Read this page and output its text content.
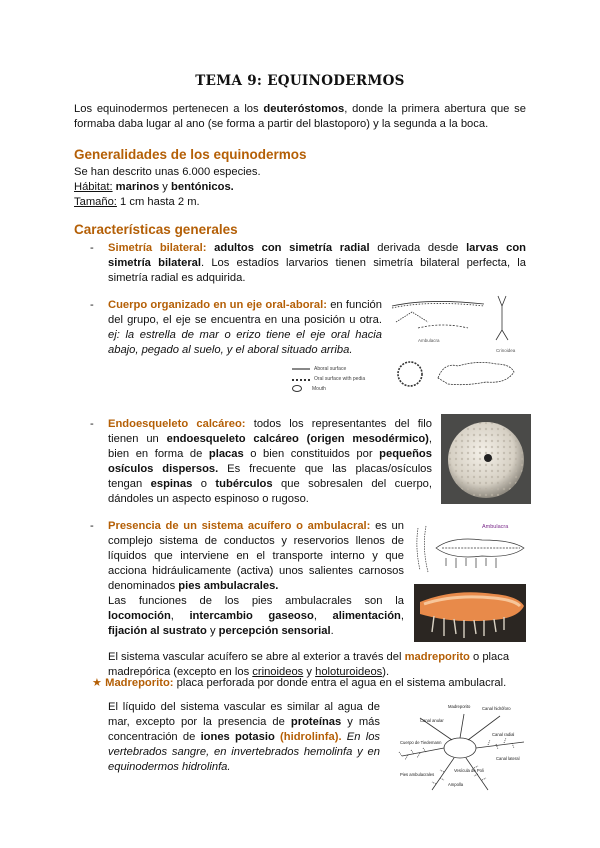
TEMA 9: EQUINODERMOS
Los equinodermos pertenecen a los deuteróstomos, donde la primera abertura que se formaba daba lugar al ano (se forma a partir del blastoporo) y la segunda a la boca.
Generalidades de los equinodermos
Se han descrito unas 6.000 especies.
Hábitat: marinos y bentónicos.
Tamaño: 1 cm hasta 2 m.
Características generales
- Simetría bilateral: adultos con simetría radial derivada desde larvas con simetría bilateral. Los estadíos larvarios tienen simetría bilateral perfecta, la simetría radial es adquirida.
- Cuerpo organizado en un eje oral-aboral: en función del grupo, el eje se encuentra en una posición u otra. ej: la estrella de mar o erizo tiene el eje oral hacia abajo, pegado al suelo, y el aboral situado arriba.
Ambulacra
Crinoidea
Aboral surface
Oral surface with pedia
Mouth
- Endoesqueleto calcáreo: todos los representantes del filo tienen un endoesqueleto calcáreo (origen mesodérmico), bien en forma de placas o bien constituidos por pequeños osículos dispersos. Es frecuente que las placas/osículos tengan espinas o tubérculos que sobresalen del cuerpo, dándoles un aspecto espinoso o rugoso.
- Presencia de un sistema acuífero o ambulacral: es un complejo sistema de conductos y reservorios llenos de líquidos que interviene en el transporte interno y que acciona hidráulicamente (activa) unos salientes carnosos denominados pies ambulacrales.
Las funciones de los pies ambulacrales son la locomoción, intercambio gaseoso, alimentación, fijación al sustrato y percepción sensorial.
Ambulacra
El sistema vascular acuífero se abre al exterior a través del madreporito o placa madrepórica (excepto en los crinoideos y holoturoideos).
★ Madreporito: placa perforada por donde entra el agua en el sistema ambulacral.
El líquido del sistema vascular es similar al agua de mar, excepto por la presencia de proteínas y más concentración de iones potasio (hidrolinfa). En los vertebrados sangre, en invertebrados hemolinfa y en equinodermos hidrolinfa.
Madreporito	Canal hidróforo
Canal anular
Cuerpo de Tiedemann
Canal radial
Canal lateral
Vesícula de Poli
Pies ambulacrales
Ampolla
